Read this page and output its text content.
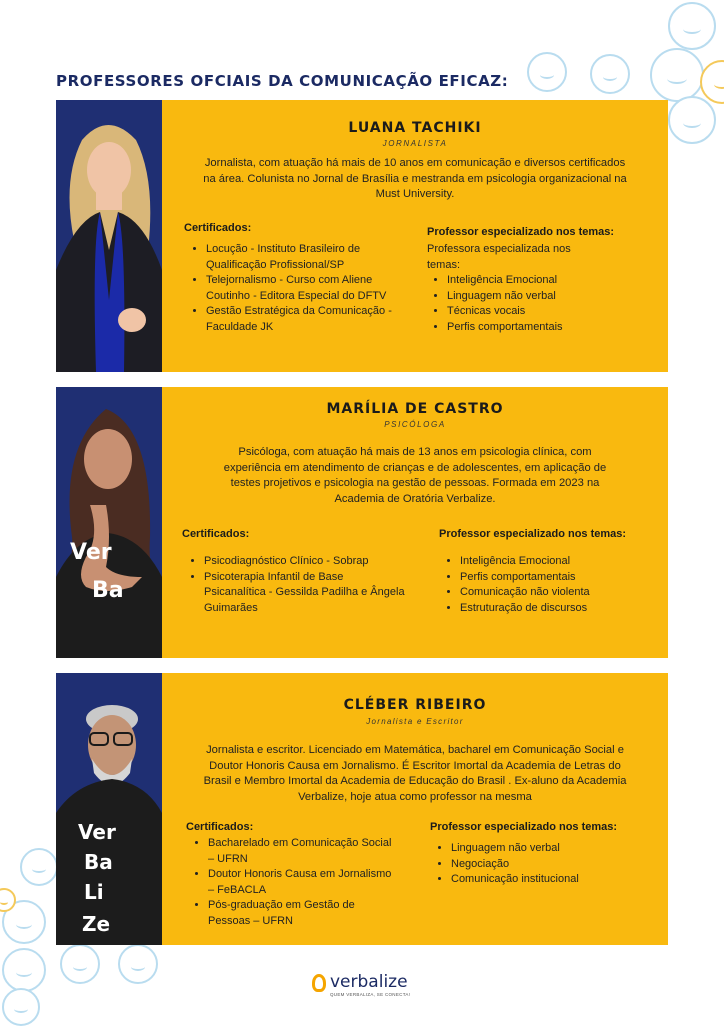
PROFESSORES OFCIAIS DA COMUNICAÇÃO EFICAZ:
LUANA TACHIKI
JORNALISTA

Jornalista, com atuação há mais de 10 anos em comunicação e diversos certificados na área. Colunista no Jornal de Brasília e mestranda em psicologia organizacional na Must University.

Certificados:
• Locução - Instituto Brasileiro de Qualificação Profissional/SP
• Telejornalismo - Curso com Aliene Coutinho - Editora Especial do DFTV
• Gestão Estratégica da Comunicação - Faculdade JK
Professor especializado nos temas:
Professora especializada nos temas:
• Inteligência Emocional
• Linguagem não verbal
• Técnicas vocais
• Perfis comportamentais
Ver
Ba
MARÍLIA DE CASTRO
PSICÓLOGA

Psicóloga, com atuação há mais de 13 anos em psicologia clínica, com experiência em atendimento de crianças e de adolescentes, em aplicação de testes projetivos e psicologia na gestão de pessoas. Formada em 2023 na Academia de Oratória Verbalize.

Certificados:
• Psicodiagnóstico Clínico - Sobrap
• Psicoterapia Infantil de Base Psicanalítica - Gessilda Padilha e Ângela Guimarães
Professor especializado nos temas:
• Inteligência Emocional
• Perfis comportamentais
• Comunicação não violenta
• Estruturação de discursos
Ver
Ba
Li
Ze
CLÉBER RIBEIRO
Jornalista e Escritor

Jornalista e escritor. Licenciado em Matemática, bacharel em Comunicação Social e Doutor Honoris Causa em Jornalismo. É Escritor Imortal da Academia de Letras do Brasil e Membro Imortal da Academia de Educação do Brasil . Ex-aluno da Academia Verbalize, hoje atua como professor na mesma

Certificados:
• Bacharelado em Comunicação Social – UFRN
• Doutor Honoris Causa em Jornalismo – FeBACLA
• Pós-graduação em Gestão de Pessoas – UFRN
Professor especializado nos temas:
• Linguagem não verbal
• Negociação
• Comunicação institucional
verbalize
QUEM VERBALIZA, SE CONECTA!
